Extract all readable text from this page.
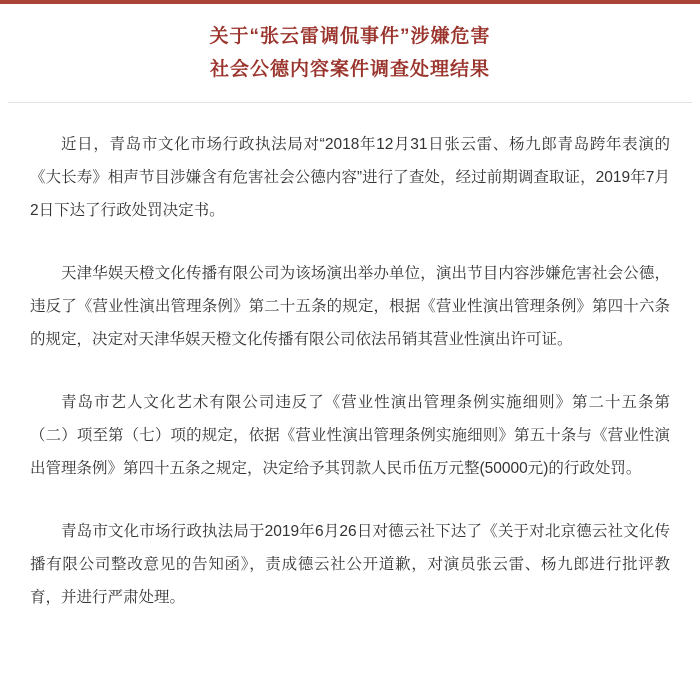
关于“张云雷调侃事件”涉嫌危害
社会公德内容案件调查处理结果

近日，青岛市文化市场行政执法局对“2018年12月31日张云雷、杨九郎青岛跨年表演的《大长寿》相声节目涉嫌含有危害社会公德内容”进行了查处，经过前期调查取证，2019年7月2日下达了行政处罚决定书。

天津华娱天橙文化传播有限公司为该场演出举办单位，演出节目内容涉嫌危害社会公德，违反了《营业性演出管理条例》第二十五条的规定，根据《营业性演出管理条例》第四十六条的规定，决定对天津华娱天橙文化传播有限公司依法吊销其营业性演出许可证。

青岛市艺人文化艺术有限公司违反了《营业性演出管理条例实施细则》第二十五条第（二）项至第（七）项的规定，依据《营业性演出管理条例实施细则》第五十条与《营业性演出管理条例》第四十五条之规定，决定给予其罚款人民币伍万元整(50000元)的行政处罚。

青岛市文化市场行政执法局于2019年6月26日对德云社下达了《关于对北京德云社文化传播有限公司整改意见的告知函》，责成德云社公开道歉，对演员张云雷、杨九郎进行批评教育，并进行严肃处理。
